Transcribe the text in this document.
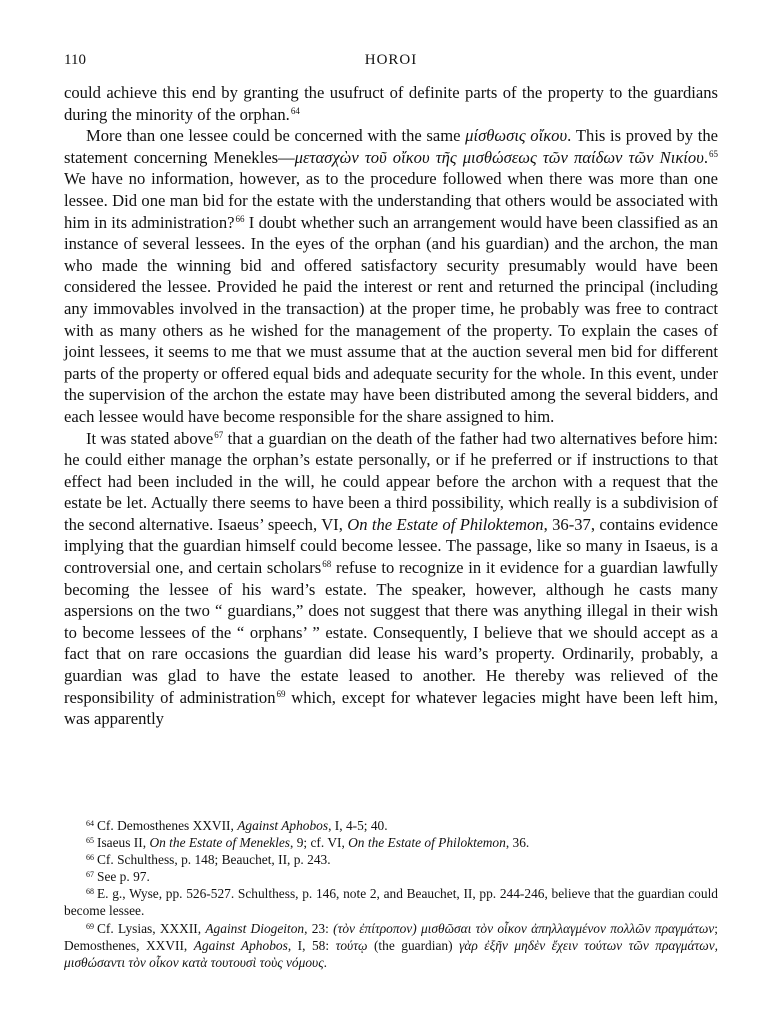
110	HOROI

could achieve this end by granting the usufruct of definite parts of the property to the guardians during the minority of the orphan.$^{64}$

More than one lessee could be concerned with the same μίσθωσις οἴκου. This is proved by the statement concerning Menekles—μετασχὼν τοῦ οἴκου τῆς μισθώσεως τῶν παίδων τῶν Νικίου.$^{65}$ We have no information, however, as to the procedure followed when there was more than one lessee. Did one man bid for the estate with the understanding that others would be associated with him in its administration?$^{66}$ I doubt whether such an arrangement would have been classified as an instance of several lessees. In the eyes of the orphan (and his guardian) and the archon, the man who made the winning bid and offered satisfactory security presumably would have been considered the lessee. Provided he paid the interest or rent and returned the principal (including any immovables involved in the transaction) at the proper time, he probably was free to contract with as many others as he wished for the management of the property. To explain the cases of joint lessees, it seems to me that we must assume that at the auction several men bid for different parts of the property or offered equal bids and adequate security for the whole. In this event, under the supervision of the archon the estate may have been distributed among the several bidders, and each lessee would have become responsible for the share assigned to him.

It was stated above$^{67}$ that a guardian on the death of the father had two alternatives before him: he could either manage the orphan’s estate personally, or if he preferred or if instructions to that effect had been included in the will, he could appear before the archon with a request that the estate be let. Actually there seems to have been a third possibility, which really is a subdivision of the second alternative. Isaeus’ speech, VI, On the Estate of Philoktemon, 36-37, contains evidence implying that the guardian himself could become lessee. The passage, like so many in Isaeus, is a controversial one, and certain scholars$^{68}$ refuse to recognize in it evidence for a guardian lawfully becoming the lessee of his ward’s estate. The speaker, however, although he casts many aspersions on the two “ guardians,” does not suggest that there was anything illegal in their wish to become lessees of the “ orphans’ ” estate. Consequently, I believe that we should accept as a fact that on rare occasions the guardian did lease his ward’s property. Ordinarily, probably, a guardian was glad to have the estate leased to another. He thereby was relieved of the responsibility of administration$^{69}$ which, except for whatever legacies might have been left him, was apparently

$^{64}$ Cf. Demosthenes XXVII, Against Aphobos, I, 4-5; 40.

$^{65}$ Isaeus II, On the Estate of Menekles, 9; cf. VI, On the Estate of Philoktemon, 36.

$^{66}$ Cf. Schulthess, p. 148; Beauchet, II, p. 243.

$^{67}$ See p. 97.

$^{68}$ E. g., Wyse, pp. 526-527. Schulthess, p. 146, note 2, and Beauchet, II, pp. 244-246, believe that the guardian could become lessee.

$^{69}$ Cf. Lysias, XXXII, Against Diogeiton, 23: (τὸν ἐπίτροπον) μισθῶσαι τὸν οἶκον ἀπηλλαγμένον πολλῶν πραγμάτων; Demosthenes, XXVII, Against Aphobos, I, 58: τούτῳ (the guardian) γὰρ ἐξῆν μηδὲν ἔχειν τούτων τῶν πραγμάτων, μισθώσαντι τὸν οἶκον κατὰ τουτουσὶ τοὺς νόμους.
